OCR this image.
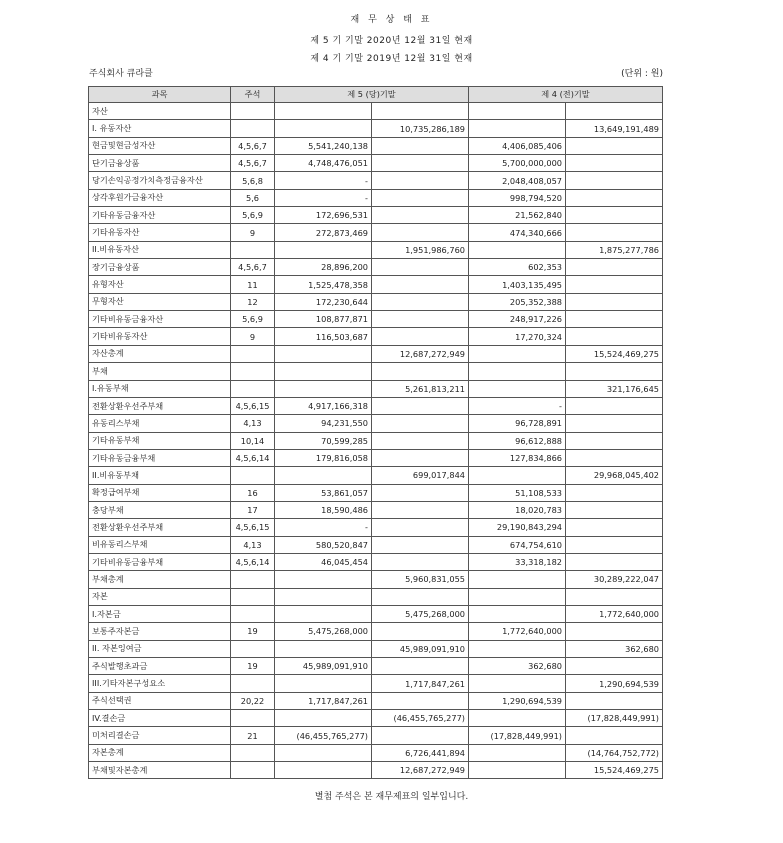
재 무 상 태 표
제 5 기 기말 2020년 12월 31일 현재
제 4 기 기말 2019년 12월 31일 현재
주식회사 큐라클	(단위 : 원)
과목	주석	제 5 (당)기말		제 4 (전)기말	
자산					
I. 유동자산			10,735,286,189		13,649,191,489
현금및현금성자산	4,5,6,7	5,541,240,138		4,406,085,406	
단기금융상품	4,5,6,7	4,748,476,051		5,700,000,000	
당기손익공정가치측정금융자산	5,6,8	-		2,048,408,057	
상각후원가금융자산	5,6	-		998,794,520	
기타유동금융자산	5,6,9	172,696,531		21,562,840	
기타유동자산	9	272,873,469		474,340,666	
II.비유동자산			1,951,986,760		1,875,277,786
장기금융상품	4,5,6,7	28,896,200		602,353	
유형자산	11	1,525,478,358		1,403,135,495	
무형자산	12	172,230,644		205,352,388	
기타비유동금융자산	5,6,9	108,877,871		248,917,226	
기타비유동자산	9	116,503,687		17,270,324	
자산총계			12,687,272,949		15,524,469,275
부채					
I.유동부채			5,261,813,211		321,176,645
전환상환우선주부채	4,5,6,15	4,917,166,318		-	
유동리스부채	4,13	94,231,550		96,728,891	
기타유동부채	10,14	70,599,285		96,612,888	
기타유동금융부채	4,5,6,14	179,816,058		127,834,866	
II.비유동부채			699,017,844		29,968,045,402
확정급여부채	16	53,861,057		51,108,533	
충당부채	17	18,590,486		18,020,783	
전환상환우선주부채	4,5,6,15	-		29,190,843,294	
비유동리스부채	4,13	580,520,847		674,754,610	
기타비유동금융부채	4,5,6,14	46,045,454		33,318,182	
부채총계			5,960,831,055		30,289,222,047
자본					
I.자본금			5,475,268,000		1,772,640,000
보통주자본금	19	5,475,268,000		1,772,640,000	
II. 자본잉여금			45,989,091,910		362,680
주식발행초과금	19	45,989,091,910		362,680	
III.기타자본구성요소			1,717,847,261		1,290,694,539
주식선택권	20,22	1,717,847,261		1,290,694,539	
IV.결손금			(46,455,765,277)		(17,828,449,991)
미처리결손금	21	(46,455,765,277)		(17,828,449,991)	
자본총계			6,726,441,894		(14,764,752,772)
부채및자본총계			12,687,272,949		15,524,469,275
별첨 주석은 본 재무제표의 일부입니다.
